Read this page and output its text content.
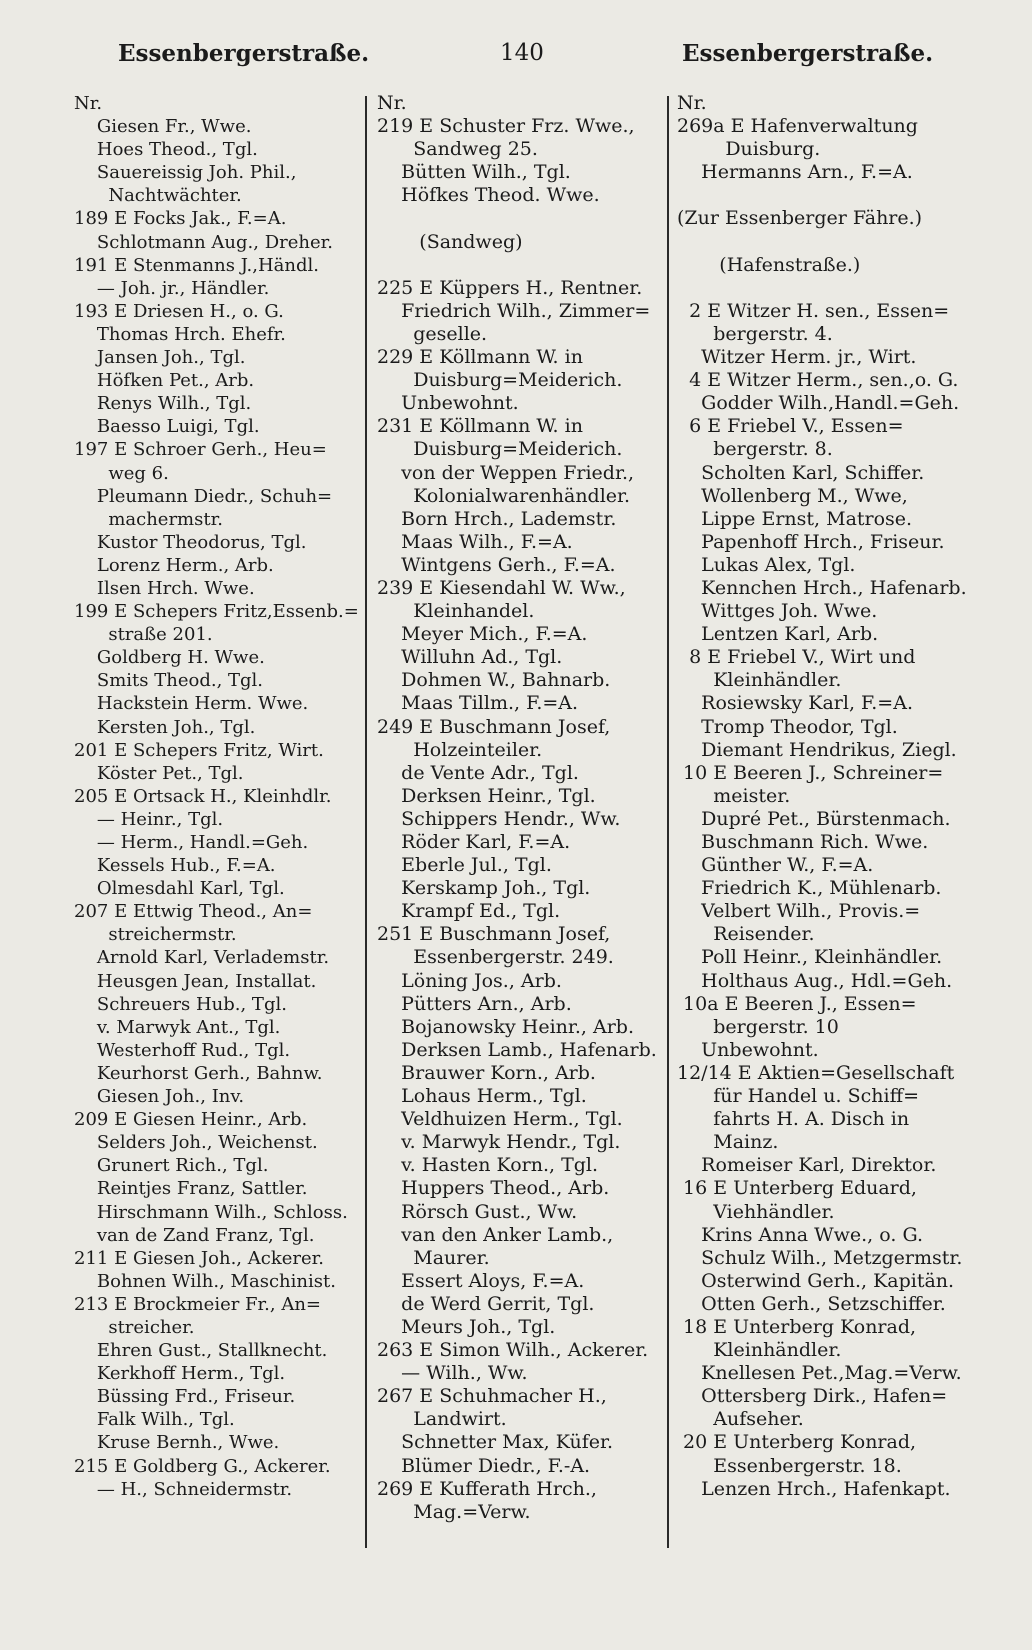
Essenbergerstraße.	140	Essenbergerstraße.
Nr.
Giesen Fr., Wwe.
Hoes Theod., Tgl.
Sauereissig Joh. Phil.,
Nachtwächter.
189 E Focks Jak., F.=A.
Schlotmann Aug., Dreher.
191 E Stenmanns J.,Händl.
— Joh. jr., Händler.
193 E Driesen H., o. G.
Thomas Hrch. Ehefr.
Jansen Joh., Tgl.
Höfken Pet., Arb.
Renys Wilh., Tgl.
Baesso Luigi, Tgl.
197 E Schroer Gerh., Heu=
weg 6.
Pleumann Diedr., Schuh=
machermstr.
Kustor Theodorus, Tgl.
Lorenz Herm., Arb.
Ilsen Hrch. Wwe.
199 E Schepers Fritz,Essenb.=
straße 201.
Goldberg H. Wwe.
Smits Theod., Tgl.
Hackstein Herm. Wwe.
Kersten Joh., Tgl.
201 E Schepers Fritz, Wirt.
Köster Pet., Tgl.
205 E Ortsack H., Kleinhdlr.
— Heinr., Tgl.
— Herm., Handl.=Geh.
Kessels Hub., F.=A.
Olmesdahl Karl, Tgl.
207 E Ettwig Theod., An=
streichermstr.
Arnold Karl, Verlademstr.
Heusgen Jean, Installat.
Schreuers Hub., Tgl.
v. Marwyk Ant., Tgl.
Westerhoff Rud., Tgl.
Keurhorst Gerh., Bahnw.
Giesen Joh., Inv.
209 E Giesen Heinr., Arb.
Selders Joh., Weichenst.
Grunert Rich., Tgl.
Reintjes Franz, Sattler.
Hirschmann Wilh., Schloss.
van de Zand Franz, Tgl.
211 E Giesen Joh., Ackerer.
Bohnen Wilh., Maschinist.
213 E Brockmeier Fr., An=
streicher.
Ehren Gust., Stallknecht.
Kerkhoff Herm., Tgl.
Büssing Frd., Friseur.
Falk Wilh., Tgl.
Kruse Bernh., Wwe.
215 E Goldberg G., Ackerer.
— H., Schneidermstr.
Nr.
219 E Schuster Frz. Wwe.,
Sandweg 25.
Bütten Wilh., Tgl.
Höfkes Theod. Wwe.
(Sandweg)
225 E Küppers H., Rentner.
Friedrich Wilh., Zimmer=
geselle.
229 E Köllmann W. in
Duisburg=Meiderich.
Unbewohnt.
231 E Köllmann W. in
Duisburg=Meiderich.
von der Weppen Friedr.,
Kolonialwarenhändler.
Born Hrch., Lademstr.
Maas Wilh., F.=A.
Wintgens Gerh., F.=A.
239 E Kiesendahl W. Ww.,
Kleinhandel.
Meyer Mich., F.=A.
Willuhn Ad., Tgl.
Dohmen W., Bahnarb.
Maas Tillm., F.=A.
249 E Buschmann Josef,
Holzeinteiler.
de Vente Adr., Tgl.
Derksen Heinr., Tgl.
Schippers Hendr., Ww.
Röder Karl, F.=A.
Eberle Jul., Tgl.
Kerskamp Joh., Tgl.
Krampf Ed., Tgl.
251 E Buschmann Josef,
Essenbergerstr. 249.
Löning Jos., Arb.
Pütters Arn., Arb.
Bojanowsky Heinr., Arb.
Derksen Lamb., Hafenarb.
Brauwer Korn., Arb.
Lohaus Herm., Tgl.
Veldhuizen Herm., Tgl.
v. Marwyk Hendr., Tgl.
v. Hasten Korn., Tgl.
Huppers Theod., Arb.
Rörsch Gust., Ww.
van den Anker Lamb.,
Maurer.
Essert Aloys, F.=A.
de Werd Gerrit, Tgl.
Meurs Joh., Tgl.
263 E Simon Wilh., Ackerer.
— Wilh., Ww.
267 E Schuhmacher H.,
Landwirt.
Schnetter Max, Küfer.
Blümer Diedr., F.-A.
269 E Kufferath Hrch.,
Mag.=Verw.
Nr.
269a E Hafenverwaltung
Duisburg.
Hermanns Arn., F.=A.
(Zur Essenberger Fähre.)
(Hafenstraße.)
2 E Witzer H. sen., Essen=
bergerstr. 4.
Witzer Herm. jr., Wirt.
4 E Witzer Herm., sen.,o. G.
Godder Wilh.,Handl.=Geh.
6 E Friebel V., Essen=
bergerstr. 8.
Scholten Karl, Schiffer.
Wollenberg M., Wwe,
Lippe Ernst, Matrose.
Papenhoff Hrch., Friseur.
Lukas Alex, Tgl.
Kennchen Hrch., Hafenarb.
Wittges Joh. Wwe.
Lentzen Karl, Arb.
8 E Friebel V., Wirt und
Kleinhändler.
Rosiewsky Karl, F.=A.
Tromp Theodor, Tgl.
Diemant Hendrikus, Ziegl.
10 E Beeren J., Schreiner=
meister.
Dupré Pet., Bürstenmach.
Buschmann Rich. Wwe.
Günther W., F.=A.
Friedrich K., Mühlenarb.
Velbert Wilh., Provis.=
Reisender.
Poll Heinr., Kleinhändler.
Holthaus Aug., Hdl.=Geh.
10a E Beeren J., Essen=
bergerstr. 10
Unbewohnt.
12/14 E Aktien=Gesellschaft
für Handel u. Schiff=
fahrts H. A. Disch in
Mainz.
Romeiser Karl, Direktor.
16 E Unterberg Eduard,
Viehhändler.
Krins Anna Wwe., o. G.
Schulz Wilh., Metzgermstr.
Osterwind Gerh., Kapitän.
Otten Gerh., Setzschiffer.
18 E Unterberg Konrad,
Kleinhändler.
Knellesen Pet.,Mag.=Verw.
Ottersberg Dirk., Hafen=
Aufseher.
20 E Unterberg Konrad,
Essenbergerstr. 18.
Lenzen Hrch., Hafenkapt.
